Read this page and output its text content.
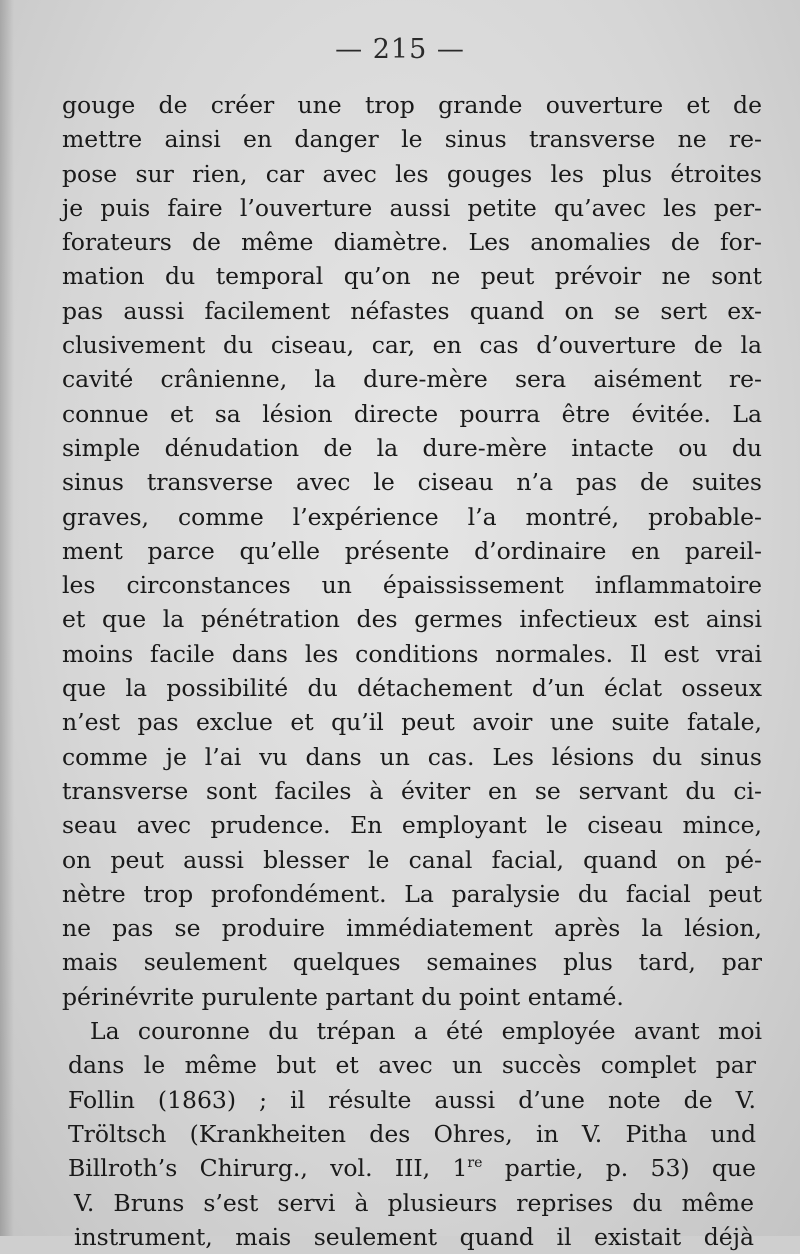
— 215 —
gouge de créer une trop grande ouverture et de
mettre ainsi en danger le sinus transverse ne re-
pose sur rien, car avec les gouges les plus étroites
je puis faire l’ouverture aussi petite qu’avec les per-
forateurs de même diamètre. Les anomalies de for-
mation du temporal qu’on ne peut prévoir ne sont
pas aussi facilement néfastes quand on se sert ex-
clusivement du ciseau, car, en cas d’ouverture de la
cavité crânienne, la dure-mère sera aisément re-
connue et sa lésion directe pourra être évitée. La
simple dénudation de la dure-mère intacte ou du
sinus transverse avec le ciseau n’a pas de suites
graves, comme l’expérience l’a montré, probable-
ment parce qu’elle présente d’ordinaire en pareil-
les circonstances un épaississement inflammatoire
et que la pénétration des germes infectieux est ainsi
moins facile dans les conditions normales. Il est vrai
que la possibilité du détachement d’un éclat osseux
n’est pas exclue et qu’il peut avoir une suite fatale,
comme je l’ai vu dans un cas. Les lésions du sinus
transverse sont faciles à éviter en se servant du ci-
seau avec prudence. En employant le ciseau mince,
on peut aussi blesser le canal facial, quand on pé-
nètre trop profondément. La paralysie du facial peut
ne pas se produire immédiatement après la lésion,
mais seulement quelques semaines plus tard, par
périnévrite purulente partant du point entamé.
La couronne du trépan a été employée avant moi
dans le même but et avec un succès complet par
Follin (1863) ; il résulte aussi d’une note de V.
Tröltsch (Krankheiten des Ohres, in V. Pitha und
Billroth’s Chirurg., vol. III, 1re partie, p. 53) que
V. Bruns s’est servi à plusieurs reprises du même
instrument, mais seulement quand il existait déjà
